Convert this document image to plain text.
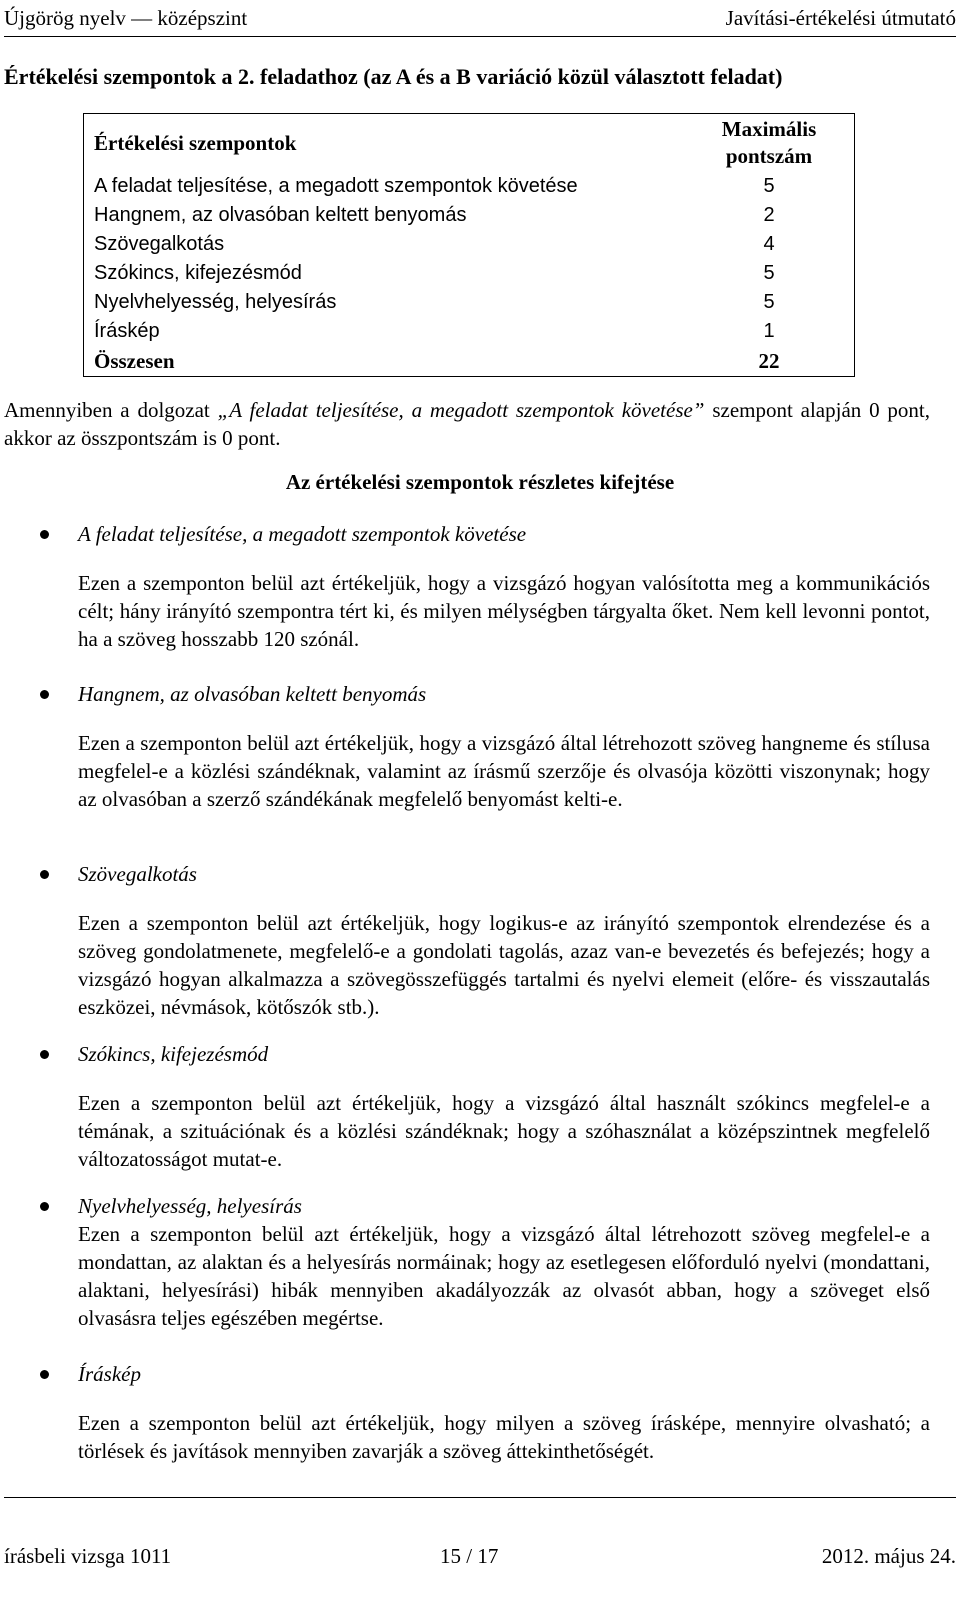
Újgörög nyelv — középszint	Javítási-értékelési útmutató
Értékelési szempontok a 2. feladathoz (az A és a B variáció közül választott feladat)
Értékelési szempontok	Maximális
pontszám
A feladat teljesítése, a megadott szempontok követése	5
Hangnem, az olvasóban keltett benyomás	2
Szövegalkotás	4
Szókincs, kifejezésmód	5
Nyelvhelyesség, helyesírás	5
Íráskép	1
Összesen	22
Amennyiben a dolgozat „A feladat teljesítése, a megadott szempontok követése” szempont alapján 0 pont, akkor az összpontszám is 0 pont.
Az értékelési szempontok részletes kifejtése
A feladat teljesítése, a megadott szempontok követése
Ezen a szemponton belül azt értékeljük, hogy a vizsgázó hogyan valósította meg a kommunikációs célt; hány irányító szempontra tért ki, és milyen mélységben tárgyalta őket. Nem kell levonni pontot, ha a szöveg hosszabb 120 szónál.
Hangnem, az olvasóban keltett benyomás
Ezen a szemponton belül azt értékeljük, hogy a vizsgázó által létrehozott szöveg hangneme és stílusa megfelel-e a közlési szándéknak, valamint az írásmű szerzője és olvasója közötti viszonynak; hogy az olvasóban a szerző szándékának megfelelő benyomást kelti-e.
Szövegalkotás
Ezen a szemponton belül azt értékeljük, hogy logikus-e az irányító szempontok elrendezése és a szöveg gondolatmenete, megfelelő-e a gondolati tagolás, azaz van-e bevezetés és befejezés; hogy a vizsgázó hogyan alkalmazza a szövegösszefüggés tartalmi és nyelvi elemeit (előre- és visszautalás eszközei, névmások, kötőszók stb.).
Szókincs, kifejezésmód
Ezen a szemponton belül azt értékeljük, hogy a vizsgázó által használt szókincs megfelel-e a témának, a szituációnak és a közlési szándéknak; hogy a szóhasználat a középszintnek megfelelő változatosságot mutat-e.
Nyelvhelyesség, helyesírás
Ezen a szemponton belül azt értékeljük, hogy a vizsgázó által létrehozott szöveg megfelel-e a mondattan, az alaktan és a helyesírás normáinak; hogy az esetlegesen előforduló nyelvi (mondattani, alaktani, helyesírási) hibák mennyiben akadályozzák az olvasót abban, hogy a szöveget első olvasásra teljes egészében megértse.
Íráskép
Ezen a szemponton belül azt értékeljük, hogy milyen a szöveg írásképe, mennyire olvasható; a törlések és javítások mennyiben zavarják a szöveg áttekinthetőségét.
írásbeli vizsga 1011	15 / 17	2012. május 24.
